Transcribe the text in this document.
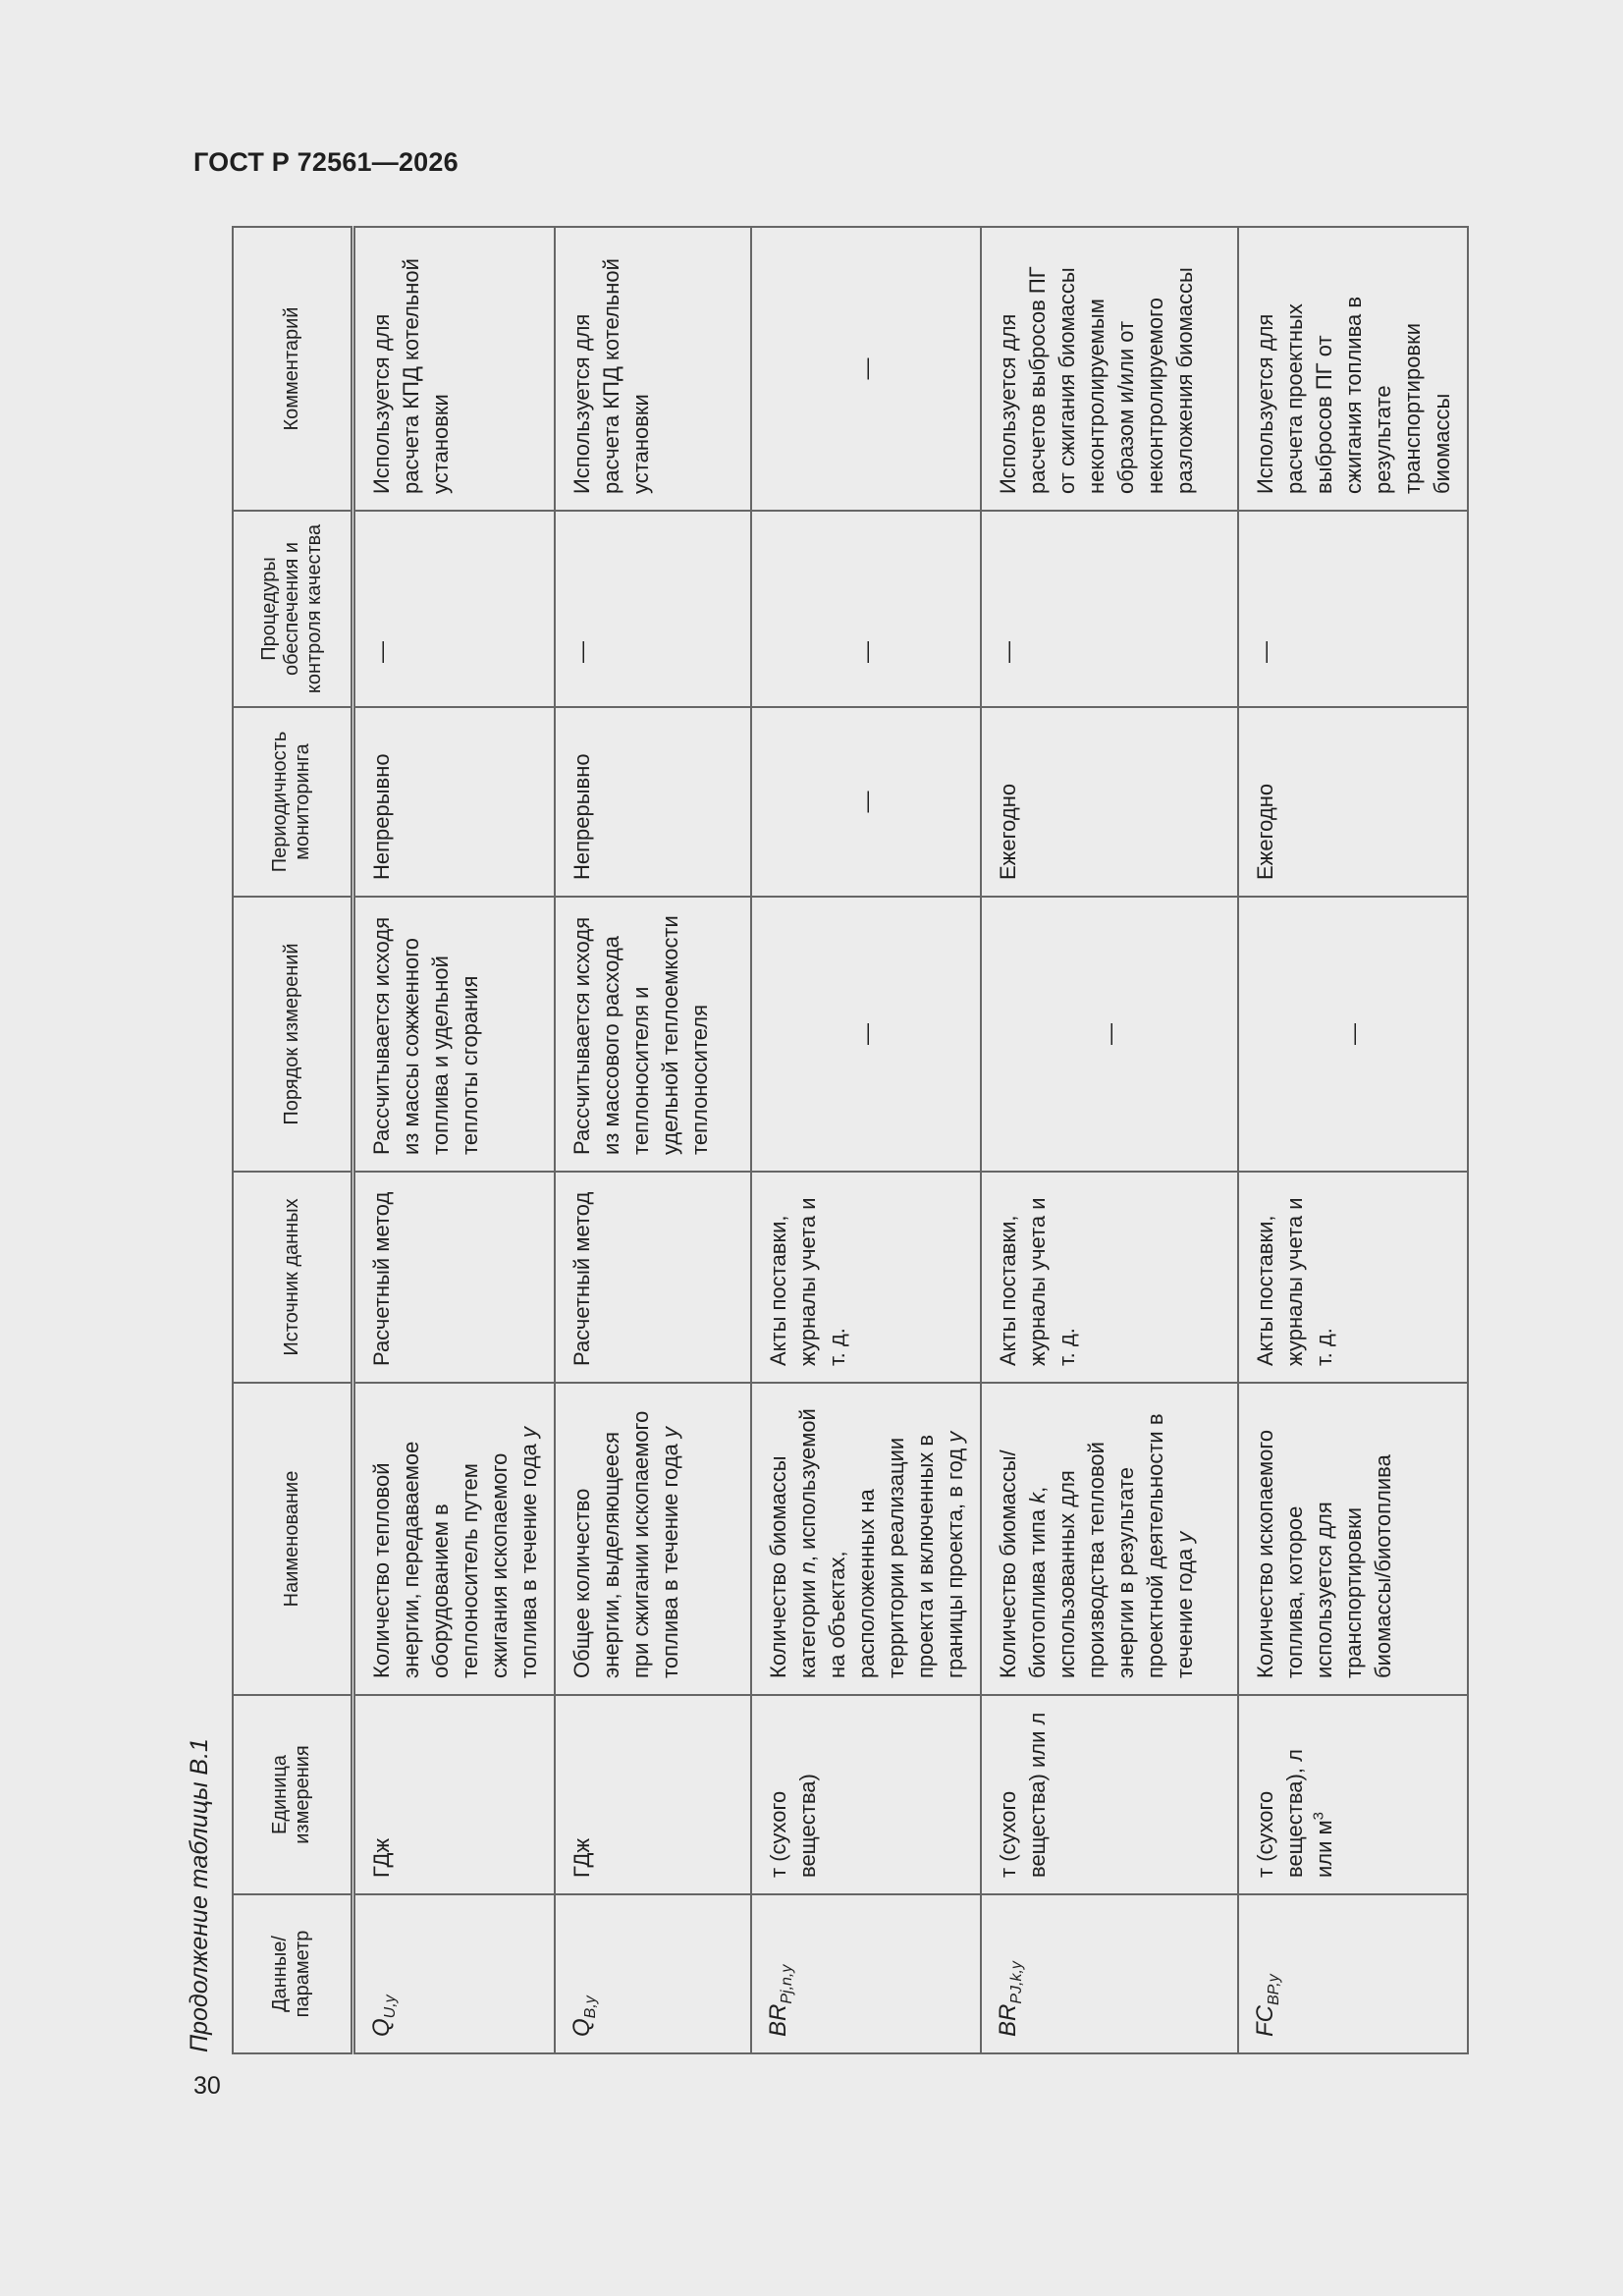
ГОСТ Р 72561—2026
Продолжение таблицы В.1	Данные/ параметр	Единица измерения	Наименование	Источник данных	Порядок измерений	Периодичность мониторинга	Процедуры обеспечения и контроля качества	Комментарий
$Q_{U,y}$	ГДж	Количество тепловой энергии, передаваемое оборудованием в теплоноситель путем сжигания ископаемого топлива в течение года y	Расчетный метод	Рассчитывается исходя из массы сожженного топлива и удельной теплоты сгорания	Непрерывно	—	Используется для расчета КПД котельной установки
$Q_{B,y}$	ГДж	Общее количество энергии, выделяющееся при сжигании ископаемого топлива в течение года y	Расчетный метод	Рассчитывается исходя из массового расхода теплоносителя и удельной теплоемкости теплоносителя	Непрерывно	—	Используется для расчета КПД котельной установки
$BR_{Pj,n,y}$	т (сухого вещества)	Количество биомассы категории n, используемой на объектах, расположенных на территории реализации проекта и включенных в границы проекта, в год y	Акты поставки, журналы учета и т. д.	—	—	—	—
$BR_{PJ,k,y}$	т (сухого вещества) или л	Количество биомассы/биотоплива типа k, использованных для производства тепловой энергии в результате проектной деятельности в течение года y	Акты поставки, журналы учета и т. д.	—	Ежегодно	—	Используется для расчетов выбросов ПГ от сжигания биомассы неконтролируемым образом и/или от неконтролируемого разложения биомассы
$FC_{BP,y}$	т (сухого вещества), л или $м^3$	Количество ископаемого топлива, которое используется для транспортировки биомассы/биотоплива	Акты поставки, журналы учета и т. д.	—	Ежегодно	—	Используется для расчета проектных выбросов ПГ от сжигания топлива в результате транспортировки биомассы
30
